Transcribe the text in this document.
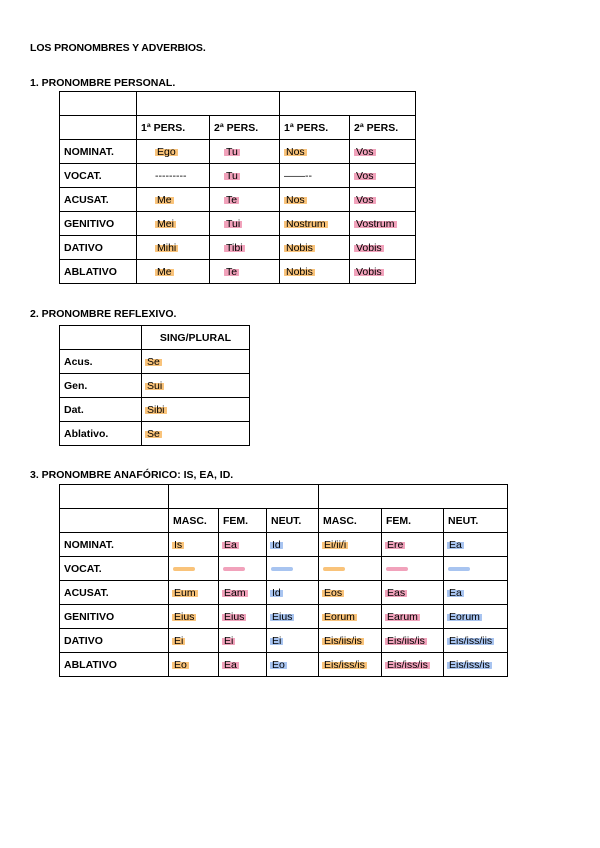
LOS PRONOMBRES Y ADVERBIOS.
1. PRONOMBRE PERSONAL.

	1ª PERS.	2ª PERS.	1ª PERS.	2ª PERS.
NOMINAT.	Ego	Tu	Nos	Vos
VOCAT.	---------	Tu	——--	Vos
ACUSAT.	Me	Te	Nos	Vos
GENITIVO	Mei	Tui	Nostrum	Vostrum
DATIVO	Mihi	Tibi	Nobis	Vobis
ABLATIVO	Me	Te	Nobis	Vobis
2. PRONOMBRE REFLEXIVO.
	SING/PLURAL
Acus.	Se
Gen.	Sui
Dat.	Sibi
Ablativo.	Se
3. PRONOMBRE ANAFÓRICO: IS, EA, ID.

	MASC.	FEM.	NEUT.	MASC.	FEM.	NEUT.
NOMINAT.	Is	Ea	Id	Ei/ii/i	Ere	Ea
VOCAT.						
ACUSAT.	Eum	Eam	Id	Eos	Eas	Ea
GENITIVO	Eius	Eius	Eius	Eorum	Earum	Eorum
DATIVO	Ei	Ei	Ei	Eis/iis/is	Eis/iis/is	Eis/iss/iis
ABLATIVO	Eo	Ea	Eo	Eis/iss/is	Eis/iss/is	Eis/iss/is
